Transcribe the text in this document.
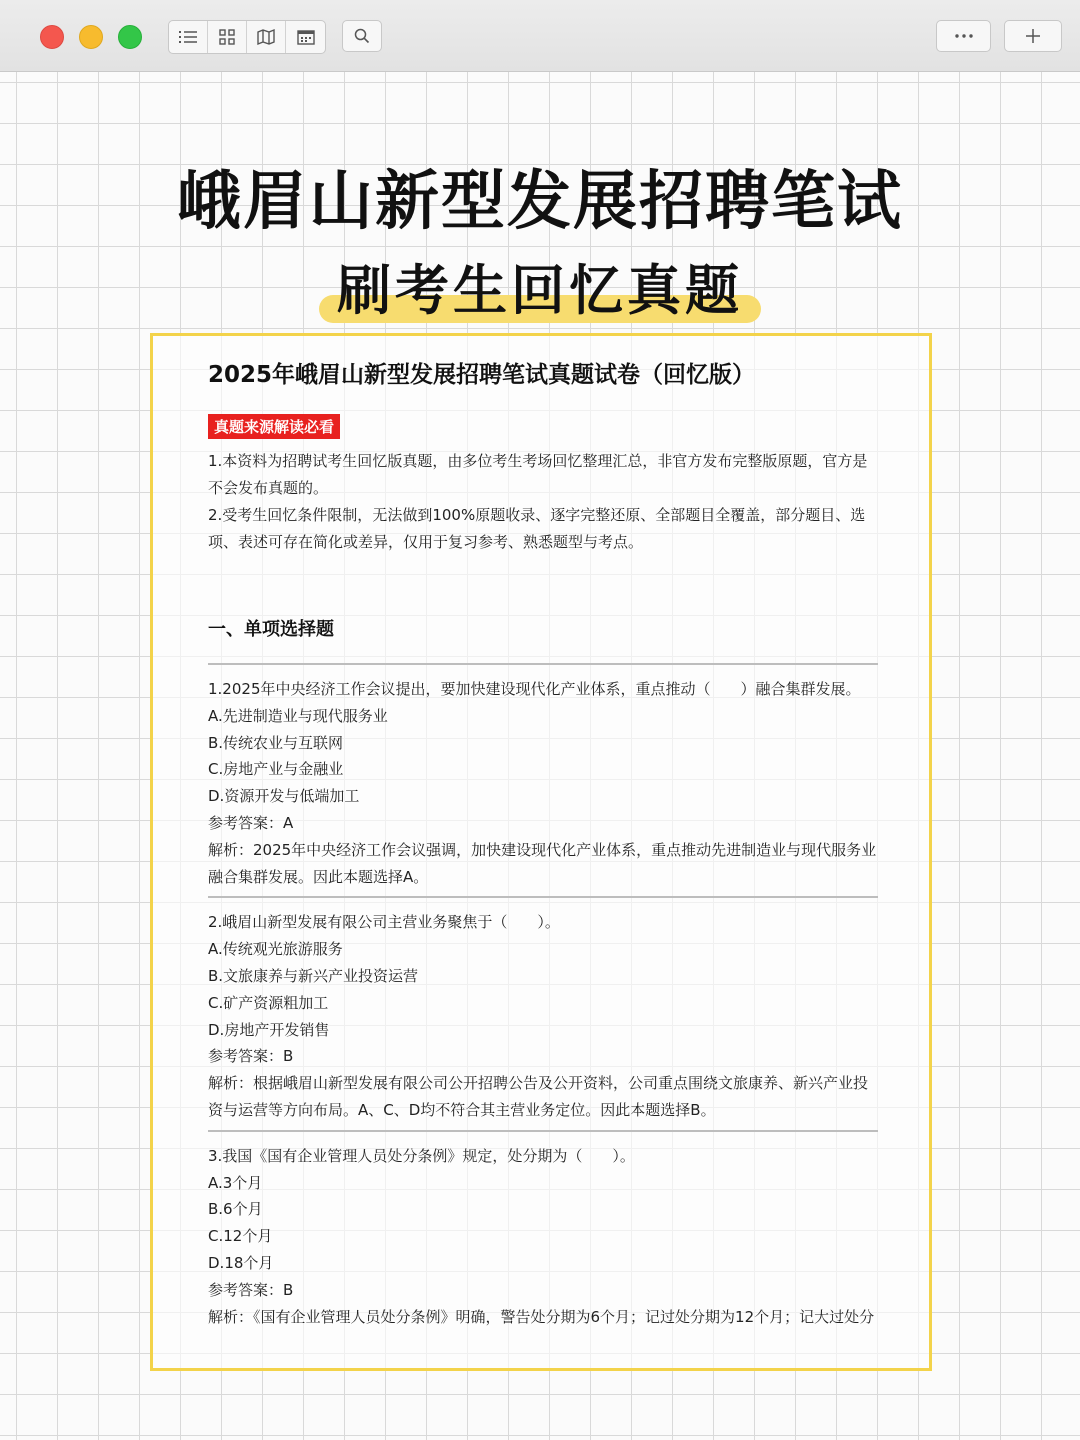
峨眉山新型发展招聘笔试
刷考生回忆真题
2025年峨眉山新型发展招聘笔试真题试卷（回忆版）
真题来源解读必看

1.本资料为招聘试考生回忆版真题，由多位考生考场回忆整理汇总，非官方发布完整版原题，官方是不会发布真题的。

2.受考生回忆条件限制，无法做到100%原题收录、逐字完整还原、全部题目全覆盖，部分题目、选项、表述可存在简化或差异，仅用于复习参考、熟悉题型与考点。

一、单项选择题

1.2025年中央经济工作会议提出，要加快建设现代化产业体系，重点推动（　　）融合集群发展。

A.先进制造业与现代服务业

B.传统农业与互联网

C.房地产业与金融业

D.资源开发与低端加工

参考答案：A

解析：2025年中央经济工作会议强调，加快建设现代化产业体系，重点推动先进制造业与现代服务业融合集群发展。因此本题选择A。

2.峨眉山新型发展有限公司主营业务聚焦于（　　）。

A.传统观光旅游服务

B.文旅康养与新兴产业投资运营

C.矿产资源粗加工

D.房地产开发销售

参考答案：B

解析：根据峨眉山新型发展有限公司公开招聘公告及公开资料，公司重点围绕文旅康养、新兴产业投资与运营等方向布局。A、C、D均不符合其主营业务定位。因此本题选择B。

3.我国《国有企业管理人员处分条例》规定，处分期为（　　）。

A.3个月

B.6个月

C.12个月

D.18个月

参考答案：B

解析：《国有企业管理人员处分条例》明确，警告处分期为6个月；记过处分期为12个月；记大过处分
